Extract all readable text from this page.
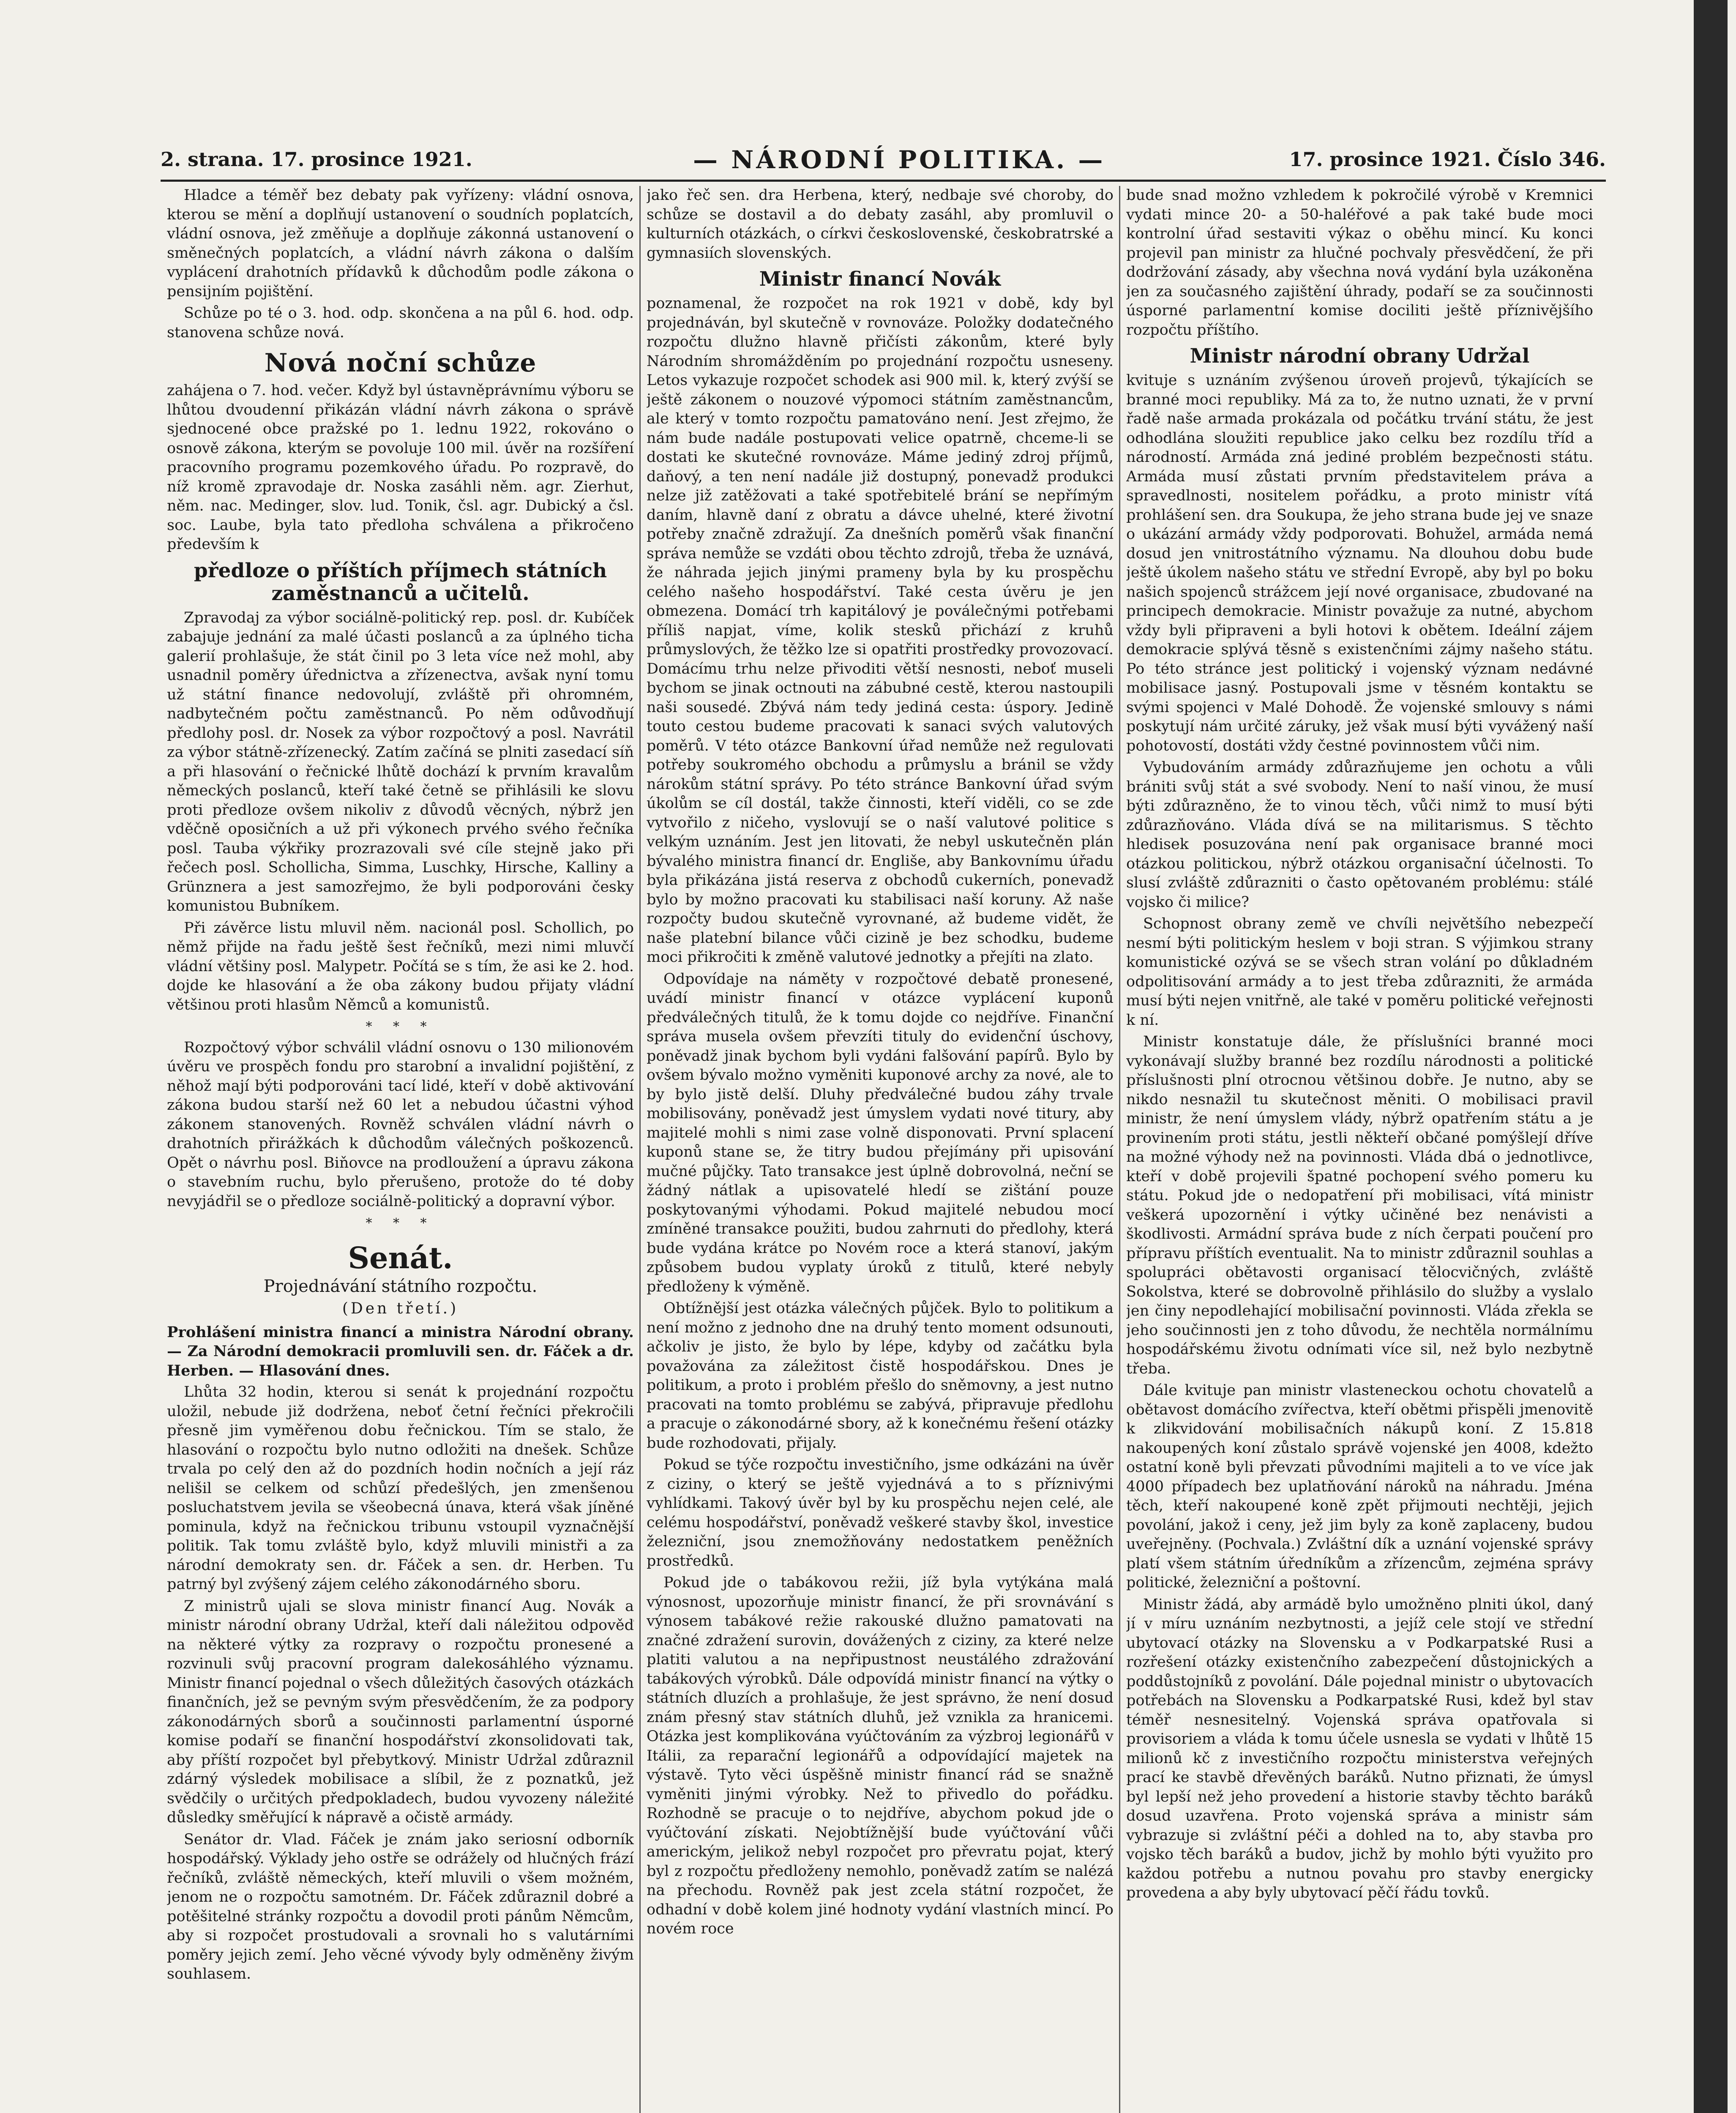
2. strana. 17. prosince 1921.	— NÁRODNÍ POLITIKA. —	17. prosince 1921. Číslo 346.

Hladce a téměř bez debaty pak vyřízeny: vládní osnova, kterou se mění a doplňují ustanovení o soudních poplatcích, vládní osnova, jež změňuje a doplňuje zákonná ustanovení o směnečných poplatcích, a vládní návrh zákona o dalším vyplácení drahotních přídavků k důchodům podle zákona o pensijním pojištění.

Schůze po té o 3. hod. odp. skončena a na půl 6. hod. odp. stanovena schůze nová.

Nová noční schůze

zahájena o 7. hod. večer. Když byl ústavněprávnímu výboru se lhůtou dvoudenní přikázán vládní návrh zákona o správě sjednocené obce pražské po 1. lednu 1922, rokováno o osnově zákona, kterým se povoluje 100 mil. úvěr na rozšíření pracovního programu pozemkového úřadu. Po rozpravě, do níž kromě zpravodaje dr. Noska zasáhli něm. agr. Zierhut, něm. nac. Medinger, slov. lud. Tonik, čsl. agr. Dubický a čsl. soc. Laube, byla tato předloha schválena a přikročeno především k

předloze o příštích příjmech státních zaměstnanců a učitelů.

Zpravodaj za výbor sociálně-politický rep. posl. dr. Kubíček zabajuje jednání za malé účasti poslanců a za úplného ticha galerií prohlašuje, že stát činil po 3 leta více než mohl, aby usnadnil poměry úřednictva a zřízenectva, avšak nyní tomu už státní finance nedovolují, zvláště při ohromném, nadbytečném počtu zaměstnanců. Po něm odůvodňují předlohy posl. dr. Nosek za výbor rozpočtový a posl. Navrátil za výbor státně-zřízenecký. Zatím začíná se plniti zasedací síň a při hlasování o řečnické lhůtě dochází k prvním kravalům německých poslanců, kteří také četně se přihlásili ke slovu proti předloze ovšem nikoliv z důvodů věcných, nýbrž jen vděčně oposičních a už při výkonech prvého svého řečníka posl. Tauba výkřiky prozrazovali své cíle stejně jako při řečech posl. Schollicha, Simma, Luschky, Hirsche, Kalliny a Grünznera a jest samozřejmo, že byli podporováni česky komunistou Bubníkem.

Při závěrce listu mluvil něm. nacionál posl. Schollich, po němž přijde na řadu ještě šest řečníků, mezi nimi mluvčí vládní většiny posl. Malypetr. Počítá se s tím, že asi ke 2. hod. dojde ke hlasování a že oba zákony budou přijaty vládní většinou proti hlasům Němců a komunistů.

* * *

Rozpočtový výbor schválil vládní osnovu o 130 milionovém úvěru ve prospěch fondu pro starobní a invalidní pojištění, z něhož mají býti podporováni tací lidé, kteří v době aktivování zákona budou starší než 60 let a nebudou účastni výhod zákonem stanovených. Rovněž schválen vládní návrh o drahotních přirážkách k důchodům válečných poškozenců. Opět o návrhu posl. Biňovce na prodloužení a úpravu zákona o stavebním ruchu, bylo přerušeno, protože do té doby nevyjádřil se o předloze sociálně-politický a dopravní výbor.

* * *
Senát.
Projednávání státního rozpočtu.
(Den třetí.)

Prohlášení ministra financí a ministra Národní obrany. — Za Národní demokracii promluvili sen. dr. Fáček a dr. Herben. — Hlasování dnes.

Lhůta 32 hodin, kterou si senát k projednání rozpočtu uložil, nebude již dodržena, neboť četní řečníci překročili přesně jim vyměřenou dobu řečnickou. Tím se stalo, že hlasování o rozpočtu bylo nutno odložiti na dnešek. Schůze trvala po celý den až do pozdních hodin nočních a její ráz nelišil se celkem od schůzí předešlých, jen zmenšenou posluchatstvem jevila se všeobecná únava, která však jíněné pominula, když na řečnickou tribunu vstoupil vyznačnější politik. Tak tomu zvláště bylo, když mluvili ministři a za národní demokraty sen. dr. Fáček a sen. dr. Herben. Tu patrný byl zvýšený zájem celého zákonodárného sboru.

Z ministrů ujali se slova ministr financí Aug. Novák a ministr národní obrany Udržal, kteří dali náležitou odpověď na některé výtky za rozpravy o rozpočtu pronesené a rozvinuli svůj pracovní program dalekosáhlého významu. Ministr financí pojednal o všech důležitých časových otázkách finančních, jež se pevným svým přesvědčením, že za podpory zákonodárných sborů a součinnosti parlamentní úsporné komise podaří se finanční hospodářství zkonsolidovati tak, aby příští rozpočet byl přebytkový. Ministr Udržal zdůraznil zdárný výsledek mobilisace a slíbil, že z poznatků, jež svědčily o určitých předpokladech, budou vyvozeny náležité důsledky směřující k nápravě a očistě armády.

Senátor dr. Vlad. Fáček je znám jako seriosní odborník hospodářský. Výklady jeho ostře se odrážely od hlučných frází řečníků, zvláště německých, kteří mluvili o všem možném, jenom ne o rozpočtu samotném. Dr. Fáček zdůraznil dobré a potěšitelné stránky rozpočtu a dovodil proti pánům Němcům, aby si rozpočet prostudovali a srovnali ho s valutárními poměry jejich zemí. Jeho věcné vývody byly odměněny živým souhlasem.

jako řeč sen. dra Herbena, který, nedbaje své choroby, do schůze se dostavil a do debaty zasáhl, aby promluvil o kulturních otázkách, o církvi československé, českobratrské a gymnasiích slovenských.

Ministr financí Novák

poznamenal, že rozpočet na rok 1921 v době, kdy byl projednáván, byl skutečně v rovnováze. Položky dodatečného rozpočtu dlužno hlavně přičísti zákonům, které byly Národním shromážděním po projednání rozpočtu usneseny. Letos vykazuje rozpočet schodek asi 900 mil. k, který zvýší se ještě zákonem o nouzové výpomoci státním zaměstnancům, ale který v tomto rozpočtu pamatováno není. Jest zřejmo, že nám bude nadále postupovati velice opatrně, chceme-li se dostati ke skutečné rovnováze. Máme jediný zdroj příjmů, daňový, a ten není nadále již dostupný, ponevadž produkci nelze již zatěžovati a také spotřebitelé brání se nepřímým daním, hlavně daní z obratu a dávce uhelné, které životní potřeby značně zdražují. Za dnešních poměrů však finanční správa nemůže se vzdáti obou těchto zdrojů, třeba že uznává, že náhrada jejich jinými prameny byla by ku prospěchu celého našeho hospodářství. Také cesta úvěru je jen obmezena. Domácí trh kapitálový je poválečnými potřebami příliš napjat, víme, kolik stesků přichází z kruhů průmyslových, že těžko lze si opatřiti prostředky provozovací. Domácímu trhu nelze přivoditi větší nesnosti, neboť museli bychom se jinak octnouti na zábubné cestě, kterou nastoupili naši sousedé. Zbývá nám tedy jediná cesta: úspory. Jedině touto cestou budeme pracovati k sanaci svých valutových poměrů. V této otázce Bankovní úřad nemůže než regulovati potřeby soukromého obchodu a průmyslu a bránil se vždy nárokům státní správy. Po této stránce Bankovní úřad svým úkolům se cíl dostál, takže činnosti, kteří viděli, co se zde vytvořilo z ničeho, vyslovují se o naší valutové politice s velkým uznáním. Jest jen litovati, že nebyl uskutečněn plán bývalého ministra financí dr. Englišе, aby Bankovnímu úřadu byla přikázána jistá reserva z obchodů cukerních, ponevadž bylo by možno pracovati ku stabilisaci naší koruny. Až naše rozpočty budou skutečně vyrovnané, až budeme vidět, že naše platební bilance vůči cizině je bez schodku, budeme moci přikročiti k změně valutové jednotky a přejíti na zlato.

Odpovídaje na náměty v rozpočtové debatě pronesené, uvádí ministr financí v otázce vyplácení kuponů předválečných titulů, že k tomu dojde co nejdříve. Finanční správa musela ovšem převzíti tituly do evidenční úschovy, poněvadž jinak bychom byli vydáni falšování papírů. Bylo by ovšem bývalo možno vyměniti kuponové archy za nové, ale to by bylo jistě delší. Dluhy předválečné budou záhy trvale mobilisovány, poněvadž jest úmyslem vydati nové titury, aby majitelé mohli s nimi zase volně disponovati. První splacení kuponů stane se, že titry budou přejímány při upisování mučné půjčky. Tato transakce jest úplně dobrovolná, neční se žádný nátlak a upisovatelé hledí se zištání pouze poskytovanými výhodami. Pokud majitelé nebudou mocí zmíněné transakce použiti, budou zahrnuti do předlohy, která bude vydána krátce po Novém roce a která stanoví, jakým způsobem budou vyplaty úroků z titulů, které nebyly předloženy k výměně.

Obtížnější jest otázka válečných půjček. Bylo to politikum a není možno z jednoho dne na druhý tento moment odsunouti, ačkoliv je jisto, že bylo by lépe, kdyby od začátku byla považována za záležitost čistě hospodářskou. Dnes je politikum, a proto i problém přešlo do sněmovny, a jest nutno pracovati na tomto problému se zabývá, připravuje předlohu a pracuje o zákonodárné sbory, až k konečnému řešení otázky bude rozhodovati, přijaly.

Pokud se týče rozpočtu investičního, jsme odkázáni na úvěr z ciziny, o který se ještě vyjednává a to s příznivými vyhlídkami. Takový úvěr byl by ku prospěchu nejen celé, ale celému hospodářství, poněvadž veškeré stavby škol, investice železniční, jsou znemožňovány nedostatkem peněžních prostředků.

Pokud jde o tabákovou režii, jíž byla vytýkána malá výnosnost, upozorňuje ministr financí, že při srovnávání s výnosem tabákové režie rakouské dlužno pamatovati na značné zdražení surovin, dovážených z ciziny, za které nelze platiti valutou a na nepřipustnost neustálého zdražování tabákových výrobků. Dále odpovídá ministr financí na výtky o státních dluzích a prohlašuje, že jest správno, že není dosud znám přesný stav státních dluhů, jež vznikla za hranicemi. Otázka jest komplikována vyúčtováním za výzbroj legionářů v Itálii, za reparační legionářů a odpovídající majetek na výstavě. Tyto věci úspěšně ministr financí rád se snažně vyměniti jinými výrobky. Než to přivedlo do pořádku. Rozhodně se pracuje o to nejdříve, abychom pokud jde o vyúčtování získati. Nejobtížnější bude vyúčtování vůči americkým, jelikož nebyl rozpočet pro převratu pojat, který byl z rozpočtu předloženy nemohlo, poněvadž zatím se nalézá na přechodu. Rovněž pak jest zcela státní rozpočet, že odhadní v době kolem jiné hodnoty vydání vlastních mincí. Po novém roce

bude snad možno vzhledem k pokročilé výrobě v Kremnici vydati mince 20- a 50-haléřové a pak také bude moci kontrolní úřad sestaviti výkaz o oběhu mincí. Ku konci projevil pan ministr za hlučné pochvaly přesvědčení, že při dodržování zásady, aby všechna nová vydání byla uzákoněna jen za současného zajištění úhrady, podaří se za součinnosti úsporné parlamentní komise dociliti ještě příznivějšího rozpočtu příštího.

Ministr národní obrany Udržal

kvituje s uznáním zvýšenou úroveň projevů, týkajících se branné moci republiky. Má za to, že nutno uznati, že v první řadě naše armada prokázala od počátku trvání státu, že jest odhodlána sloužiti republice jako celku bez rozdílu tříd a národností. Armáda zná jediné problém bezpečnosti státu. Armáda musí zůstati prvním představitelem práva a spravedlnosti, nositelem pořádku, a proto ministr vítá prohlášení sen. dra Soukupa, že jeho strana bude jej ve snaze o ukázání armády vždy podporovati. Bohužel, armáda nemá dosud jen vnitrostátního významu. Na dlouhou dobu bude ještě úkolem našeho státu ve střední Evropě, aby byl po boku našich spojenců strážcem její nové organisace, zbudované na principech demokracie. Ministr považuje za nutné, abychom vždy byli připraveni a byli hotovi k obětem. Ideální zájem demokracie splývá těsně s existenčními zájmy našeho státu. Po této stránce jest politický i vojenský význam nedávné mobilisace jasný. Postupovali jsme v těsném kontaktu se svými spojenci v Malé Dohodě. Že vojenské smlouvy s námi poskytují nám určité záruky, jež však musí býti vyvážený naší pohotovostí, dostáti vždy čestné povinnostem vůči nim.

Vybudováním armády zdůrazňujeme jen ochotu a vůli brániti svůj stát a své svobody. Není to naší vinou, že musí býti zdůrazněno, že to vinou těch, vůči nimž to musí býti zdůrazňováno. Vláda dívá se na militarismus. S těchto hledisek posuzována není pak organisace branné moci otázkou politickou, nýbrž otázkou organisační účelnosti. To slusí zvláště zdůrazniti o často opětovaném problému: stálé vojsko či milice?

Schopnost obrany země ve chvíli největšího nebezpečí nesmí býti politickým heslem v boji stran. S výjimkou strany komunistické ozývá se se všech stran volání po důkladném odpolitisování armády a to jest třeba zdůrazniti, že armáda musí býti nejen vnitřně, ale také v poměru politické veřejnosti k ní.

Ministr konstatuje dále, že příslušníci branné moci vykonávají služby branné bez rozdílu národnosti a politické příslušnosti plní otrocnou většinou dobře. Je nutno, aby se nikdo nesnažil tu skutečnost měniti. O mobilisaci pravil ministr, že není úmyslem vlády, nýbrž opatřením státu a je provinením proti státu, jestli někteří občané pomýšlejí dříve na možné výhody než na povinnosti. Vláda dbá o jednotlivce, kteří v době projevili špatné pochopení svého pomeru ku státu. Pokud jde o nedopatření při mobilisaci, vítá ministr veškerá upozornění i výtky učiněné bez nenávisti a škodlivosti. Armádní správa bude z ních čerpati poučení pro přípravu příštích eventualit. Na to ministr zdůraznil souhlas a spolupráci obětavosti organisací tělocvičných, zvláště Sokolstva, které se dobrovolně přihlásilo do služby a vyslalo jen činy nepodlehající mobilisační povinnosti. Vláda zřekla se jeho součinnosti jen z toho důvodu, že nechtěla normálnímu hospodářskému životu odnímati více sil, než bylo nezbytně třeba.

Dále kvituje pan ministr vlasteneckou ochotu chovatelů a obětavost domácího zvířectva, kteří obětmi přispěli jmenovitě k zlikvidování mobilisačních nákupů koní. Z 15.818 nakoupených koní zůstalo správě vojenské jen 4008, kdežto ostatní koně byli převzati původními majiteli a to ve více jak 4000 případech bez uplatňování nároků na náhradu. Jména těch, kteří nakoupené koně zpět přijmouti nechtěji, jejich povolání, jakož i ceny, jež jim byly za koně zaplaceny, budou uveřejněny. (Pochvala.) Zvláštní dík a uznání vojenské správy platí všem státním úředníkům a zřízencům, zejména správy politické, železniční a poštovní.

Ministr žádá, aby armádě bylo umožněno plniti úkol, daný jí v míru uznáním nezbytnosti, a jejíž cele stojí ve střední ubytovací otázky na Slovensku a v Podkarpatské Rusi a rozřešení otázky existenčního zabezpečení důstojnických a poddůstojníků z povolání. Dále pojednal ministr o ubytovacích potřebách na Slovensku a Podkarpatské Rusi, kdež byl stav téměř nesnesitelný. Vojenská správa opatřovala si provisoriem a vláda k tomu účele usnesla se vydati v lhůtě 15 milionů kč z investičního rozpočtu ministerstva veřejných prací ke stavbě dřevěných baráků. Nutno přiznati, že úmysl byl lepší než jeho provedení a historie stavby těchto baráků dosud uzavřena. Proto vojenská správa a ministr sám vybrazuje si zvláštní péči a dohled na to, aby stavba pro vojsko těch baráků a budov, jichž by mohlo býti využito pro každou potřebu a nutnou povahu pro stavby energicky provedena a aby byly ubytovací pěčí řádu tovků.
